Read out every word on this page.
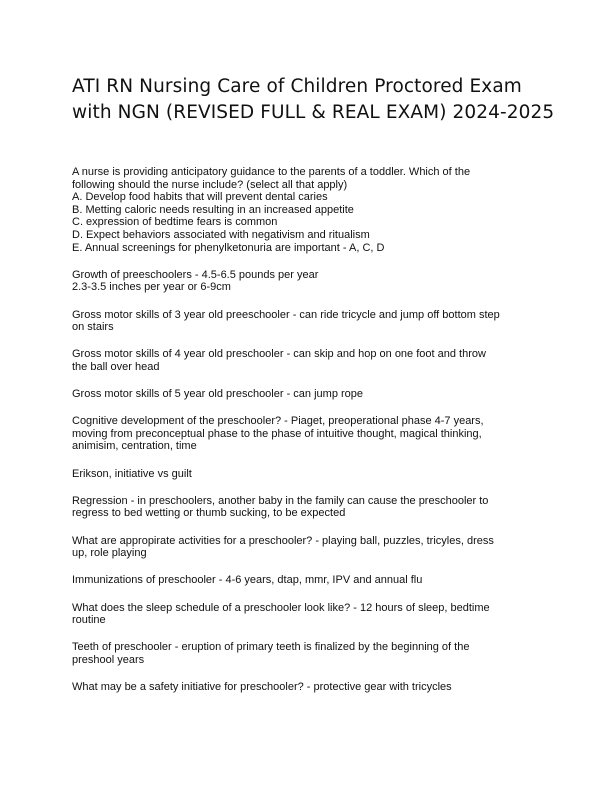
ATI RN Nursing Care of Children Proctored Exam
with NGN (REVISED FULL & REAL EXAM) 2024-2025
A nurse is providing anticipatory guidance to the parents of a toddler. Which of the
following should the nurse include? (select all that apply)
A. Develop food habits that will prevent dental caries
B. Metting caloric needs resulting in an increased appetite
C. expression of bedtime fears is common
D. Expect behaviors associated with negativism and ritualism
E. Annual screenings for phenylketonuria are important - A, C, D
Growth of preeschoolers - 4.5-6.5 pounds per year
2.3-3.5 inches per year or 6-9cm
Gross motor skills of 3 year old preeschooler - can ride tricycle and jump off bottom step
on stairs
Gross motor skills of 4 year old preschooler - can skip and hop on one foot and throw
the ball over head
Gross motor skills of 5 year old preschooler - can jump rope
Cognitive development of the preschooler? - Piaget, preoperational phase 4-7 years,
moving from preconceptual phase to the phase of intuitive thought, magical thinking,
animisim, centration, time
Erikson, initiative vs guilt
Regression - in preschoolers, another baby in the family can cause the preschooler to
regress to bed wetting or thumb sucking, to be expected
What are appropirate activities for a preschooler? - playing ball, puzzles, tricyles, dress
up, role playing
Immunizations of preschooler - 4-6 years, dtap, mmr, IPV and annual flu
What does the sleep schedule of a preschooler look like? - 12 hours of sleep, bedtime
routine
Teeth of preschooler - eruption of primary teeth is finalized by the beginning of the
preshool years
What may be a safety initiative for preschooler? - protective gear with tricycles
